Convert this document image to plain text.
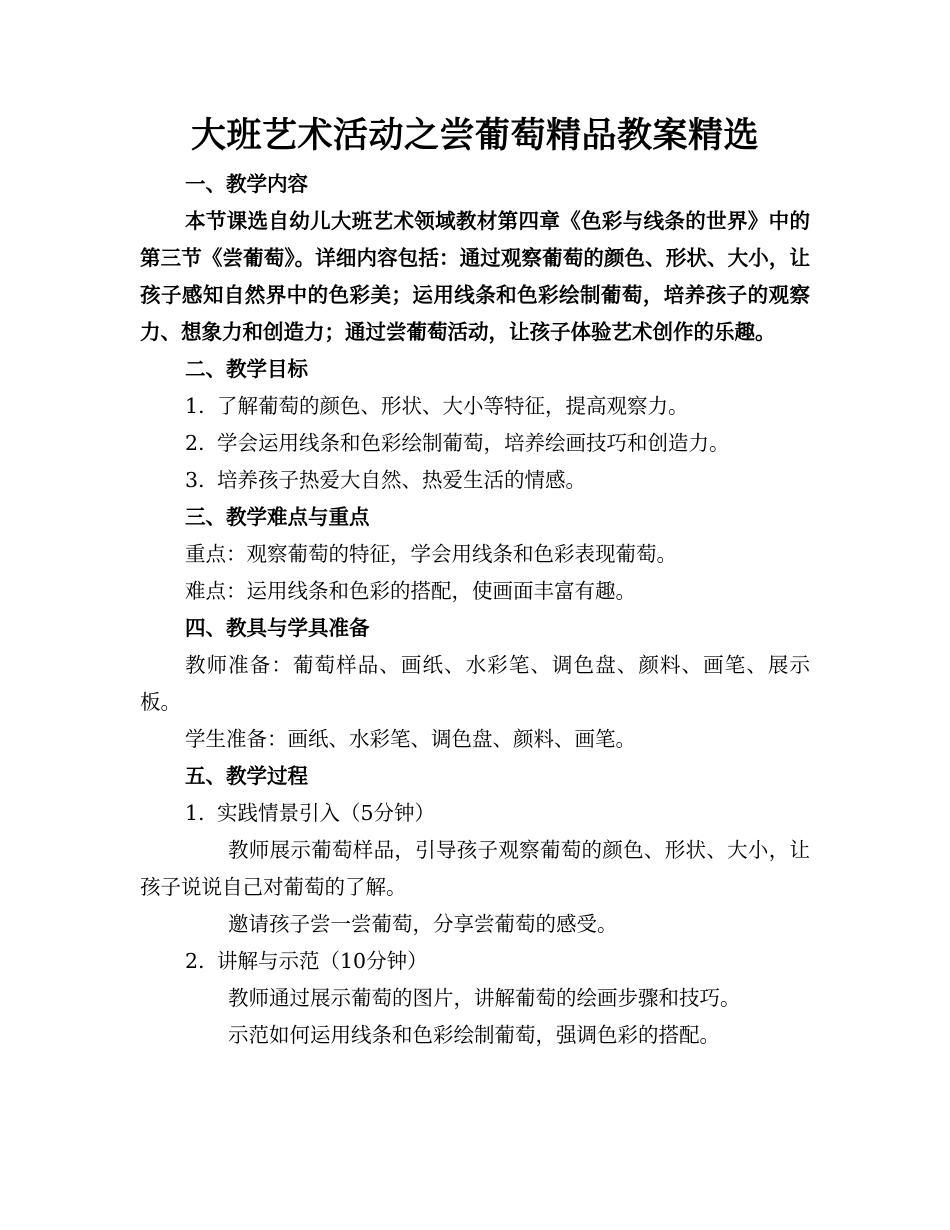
大班艺术活动之尝葡萄精品教案精选
一、教学内容
本节课选自幼儿大班艺术领域教材第四章《色彩与线条的世界》中的第三节《尝葡萄》。详细内容包括：通过观察葡萄的颜色、形状、大小，让孩子感知自然界中的色彩美；运用线条和色彩绘制葡萄，培养孩子的观察力、想象力和创造力；通过尝葡萄活动，让孩子体验艺术创作的乐趣。
二、教学目标
1. 了解葡萄的颜色、形状、大小等特征，提高观察力。
2. 学会运用线条和色彩绘制葡萄，培养绘画技巧和创造力。
3. 培养孩子热爱大自然、热爱生活的情感。
三、教学难点与重点
重点：观察葡萄的特征，学会用线条和色彩表现葡萄。
难点：运用线条和色彩的搭配，使画面丰富有趣。
四、教具与学具准备
教师准备：葡萄样品、画纸、水彩笔、调色盘、颜料、画笔、展示板。
学生准备：画纸、水彩笔、调色盘、颜料、画笔。
五、教学过程
1. 实践情景引入（5分钟）
教师展示葡萄样品，引导孩子观察葡萄的颜色、形状、大小，让孩子说说自己对葡萄的了解。
邀请孩子尝一尝葡萄，分享尝葡萄的感受。
2. 讲解与示范（10分钟）
教师通过展示葡萄的图片，讲解葡萄的绘画步骤和技巧。
示范如何运用线条和色彩绘制葡萄，强调色彩的搭配。
